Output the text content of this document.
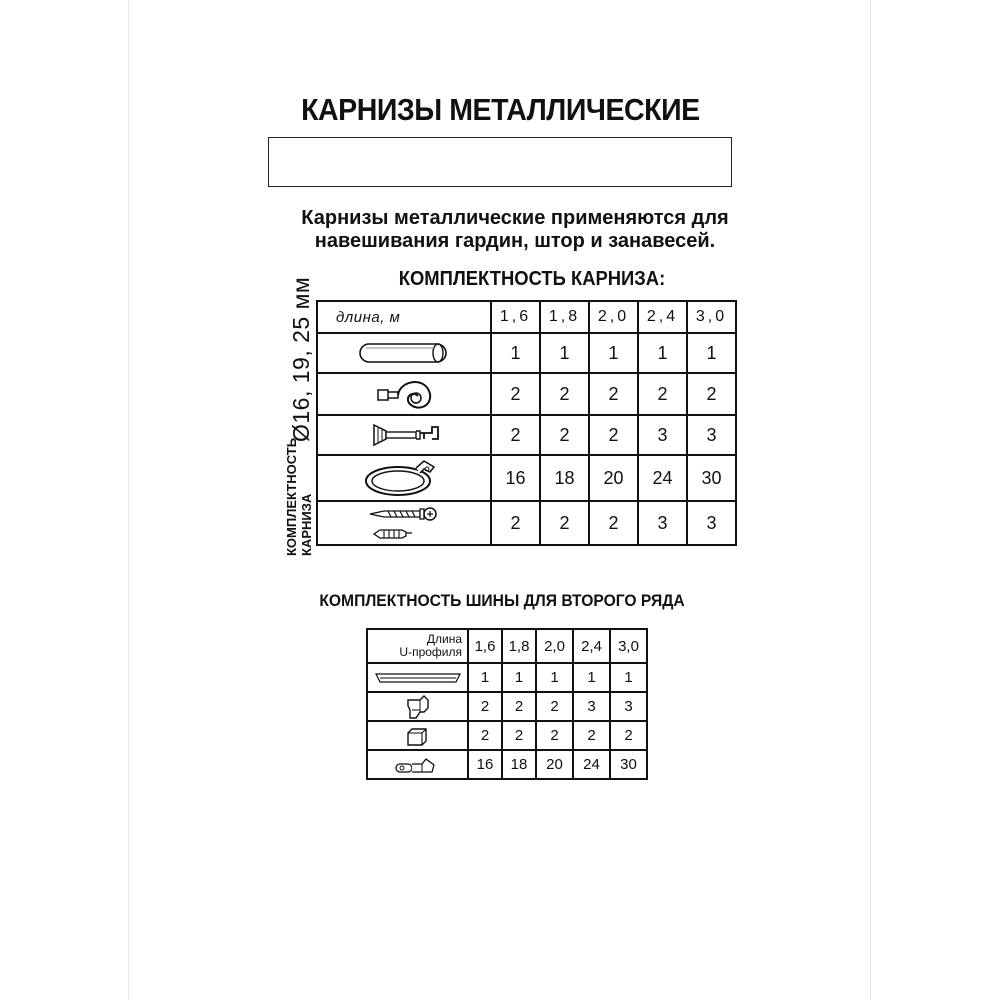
КАРНИЗЫ МЕТАЛЛИЧЕСКИЕ
Карнизы металлические применяются для
навешивания гардин, штор и занавесей.
КОМПЛЕКТНОСТЬ КАРНИЗА:
Ø16, 19, 25 мм
КОМПЛЕКТНОСТЬ КАРНИЗА
длина, м	1,6	1,8	2,0	2,4	3,0

	1	1	1	1	1

	2	2	2	2	2

	2	2	2	3	3

	16	18	20	24	30

	2	2	2	3	3
КОМПЛЕКТНОСТЬ ШИНЫ ДЛЯ ВТОРОГО РЯДА
Длина
U-профиля	1,6	1,8	2,0	2,4	3,0

	1	1	1	1	1

	2	2	2	3	3

	2	2	2	2	2

	16	18	20	24	30
